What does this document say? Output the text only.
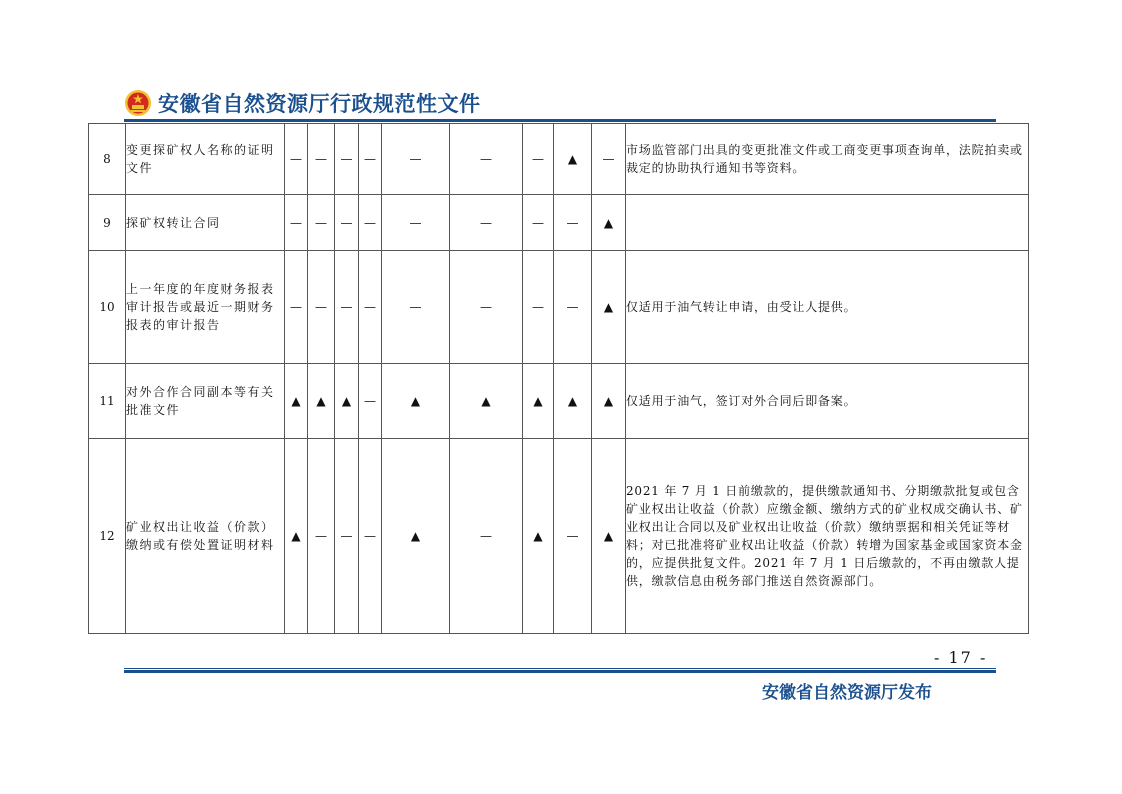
安徽省自然资源厅行政规范性文件
8	变更探矿权人名称的证明文件	—	—	—	—	—	—	—	▲	—	市场监管部门出具的变更批准文件或工商变更事项查询单，法院拍卖或裁定的协助执行通知书等资料。
9	探矿权转让合同	—	—	—	—	—	—	—	—	▲	
10	上一年度的年度财务报表审计报告或最近一期财务报表的审计报告	—	—	—	—	—	—	—	—	▲	仅适用于油气转让申请，由受让人提供。
11	对外合作合同副本等有关批准文件	▲	▲	▲	—	▲	▲	▲	▲	▲	仅适用于油气，签订对外合同后即备案。
12	矿业权出让收益（价款）缴纳或有偿处置证明材料	▲	—	—	—	▲	—	▲	—	▲	2021 年 7 月 1 日前缴款的，提供缴款通知书、分期缴款批复或包含矿业权出让收益（价款）应缴金额、缴纳方式的矿业权成交确认书、矿业权出让合同以及矿业权出让收益（价款）缴纳票据和相关凭证等材料；对已批准将矿业权出让收益（价款）转增为国家基金或国家资本金的，应提供批复文件。2021 年 7 月 1 日后缴款的，不再由缴款人提供，缴款信息由税务部门推送自然资源部门。
- 17 -
安徽省自然资源厅发布
